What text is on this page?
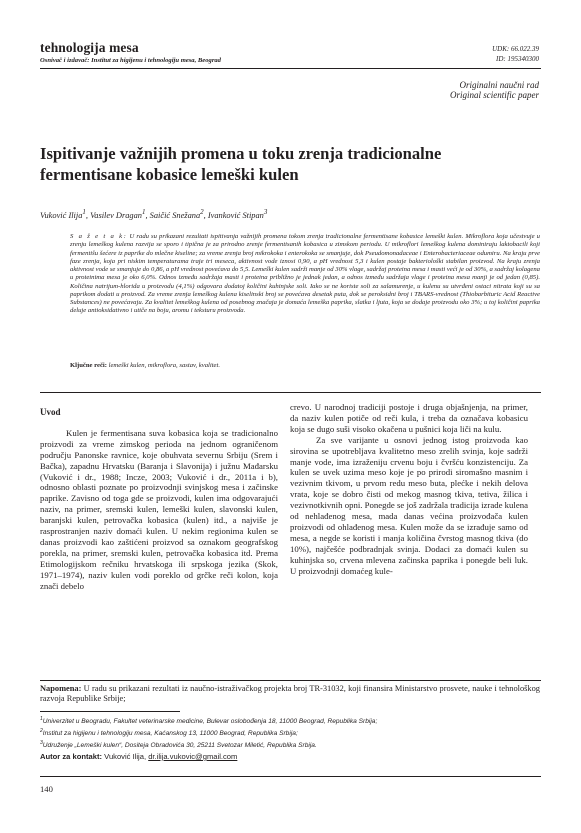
tehnologija mesa
Osnivač i izdavač: Institut za higijenu i tehnologiju mesa, Beograd
UDK: 66.022.39
ID: 195340300
Originalni naučni rad
Original scientific paper
Ispitivanje važnijih promena u toku zrenja tradicionalne fermentisane kobasice lemeški kulen
Vuković Ilija$^1$, Vasilev Dragan$^1$, Saičić Snežana$^2$, Ivanković Stipan$^3$
S a ž e t a k: U radu su prikazani rezultati ispitivanja važnijih promena tokom zrenja tradicionalne fermentisane kobasice lemeški kulen. Mikroflora koja učestvuje u zrenju lemeškog kulena razvija se sporo i tipična je za prirodno zrenje fermentisanih kobasica u zimskom periodu. U mikroflori lemeškog kulena dominiraju laktobacili koji fermentišu šećere iz paprike do mlečne kiseline; za vreme zrenja broj mikrokoka i enterokoka se smanjuje, dok Pseudomonadaceae i Enterobacteriaceae odumiru. Na kraju prve faze zrenja, koja pri niskim temperaturama traje tri meseca, aktivnost vode iznosi 0,90, a pH vrednost 5,3 i kulen postaje bakteriološki stabilan proizvod. Na kraju zrenja aktivnost vode se smanjuje do 0,86, a pH vrednost povećava do 5,5. Lemeški kulen sadrži manje od 30% vlage, sadržaj proteina mesa i masti veći je od 30%, a sadržaj kolagena u proteinima mesa je oko 6,0%. Odnos između sadržaja masti i proteina približno je jednak jedan, a odnos između sadržaja vlage i proteina mesa manji je od jedan (0,85). Količina natrijum-hlorida u proizvodu (4,1%) odgovara dodatoj količini kuhinjske soli. Iako se ne koriste soli za salamurenje, u kulenu su utvrđeni ostaci nitrata koji su sa paprikom dodati u proizvod. Za vreme zrenja lemeškog kulena kiselinski broj se povećava desetak puta, dok se peroksidni broj i TBARS-vrednost (Thiobarbituric Acid Reactive Substances) ne povećavaju. Za kvalitet lemeškog kulena od posebnog značaja je domaća lemeška paprika, slatka i ljuta, koja se dodaje proizvodu oko 3%; u toj količini paprika deluje antioksidativno i utiče na boju, aromu i teksturu proizvoda.
Ključne reči: lemeški kulen, mikroflora, sastav, kvalitet.
Uvod

Kulen je fermentisana suva kobasica koja se tradicionalno proizvodi za vreme zimskog perioda na jednom ograničenom području Panonske ravnice, koje obuhvata severnu Srbiju (Srem i Bačka), zapadnu Hrvatsku (Baranja i Slavonija) i južnu Mađarsku (Vuković i dr., 1988; Incze, 2003; Vuković i dr., 2011a i b), odnosno oblasti poznate po proizvodnji svinjskog mesa i začinske paprike. Zavisno od toga gde se proizvodi, kulen ima odgovarajući naziv, na primer, sremski kulen, lemeški kulen, slavonski kulen, baranjski kulen, petrovačka kobasica (kulen) itd., a najviše je rasprostranjen naziv domaći kulen. U nekim regionima kulen se danas proizvodi kao zaštićeni proizvod sa oznakom geografskog porekla, na primer, sremski kulen, petrovačka kobasica itd. Prema Etimologijskom rečniku hrvatskoga ili srpskoga jezika (Skok, 1971–1974), naziv kulen vodi poreklo od grčke reči kolon, koja znači debelo

crevo. U narodnoj tradiciji postoje i druga objašnjenja, na primer, da naziv kulen potiče od reči kula, i treba da označava kobasicu koja se dugo suši visoko okačena u pušnici koja liči na kulu.

Za sve varijante u osnovi jednog istog proizvoda kao sirovina se upotrebljava kvalitetno meso zrelih svinja, koje sadrži manje vode, ima izraženiju crvenu boju i čvršću konzistenciju. Za kulen se uvek uzima meso koje je po prirodi siromašno masnim i vezivnim tkivom, u prvom redu meso buta, plećke i nekih delova vrata, koje se dobro čisti od mekog masnog tkiva, tetiva, žilica i vezivnotkivnih opni. Ponegde se još zadržala tradicija izrade kulena od nehlađenog mesa, mada danas većina proizvođača kulen proizvodi od ohlađenog mesa. Kulen može da se izrađuje samo od mesa, a negde se koristi i manja količina čvrstog masnog tkiva (do 10%), najčešće podbradnjak svinja. Dodaci za domaći kulen su kuhinjska so, crvena mlevena začinska paprika i ponegde beli luk. U proizvodnji domaćeg kule-

Napomena: U radu su prikazani rezultati iz naučno-istraživačkog projekta broj TR-31032, koji finansira Ministarstvo prosvete, nauke i tehnološkog razvoja Republike Srbije;
$^1$Univerzitet u Beogradu, Fakultet veterinarske medicine, Bulevar oslobođenja 18, 11000 Beograd, Republika Srbija;
$^2$Institut za higijenu i tehnologiju mesa, Kaćanskog 13, 11000 Beograd, Republika Srbija;
$^3$Udruženje „Lemeški kulen“, Dositeja Obradovića 30, 25211 Svetozar Miletić, Republika Srbija.
Autor za kontakt: Vuković Ilija, dr.ilija.vukovic@gmail.com
140
